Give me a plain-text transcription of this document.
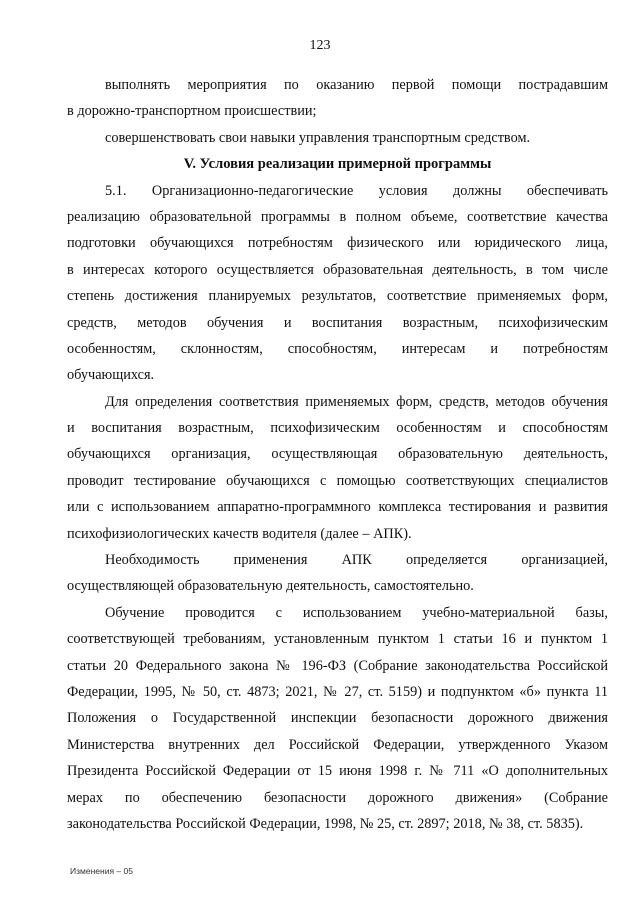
123
выполнять мероприятия по оказанию первой помощи пострадавшим
в дорожно-транспортном происшествии;
совершенствовать свои навыки управления транспортным средством.
V. Условия реализации примерной программы
5.1. Организационно-педагогические условия должны обеспечивать
реализацию образовательной программы в полном объеме, соответствие качества
подготовки обучающихся потребностям физического или юридического лица,
в интересах которого осуществляется образовательная деятельность, в том числе
степень достижения планируемых результатов, соответствие применяемых форм,
средств, методов обучения и воспитания возрастным, психофизическим
особенностям, склонностям, способностям, интересам и потребностям
обучающихся.
Для определения соответствия применяемых форм, средств, методов обучения
и воспитания возрастным, психофизическим особенностям и способностям
обучающихся организация, осуществляющая образовательную деятельность,
проводит тестирование обучающихся с помощью соответствующих специалистов
или с использованием аппаратно-программного комплекса тестирования и развития
психофизиологических качеств водителя (далее – АПК).
Необходимость применения АПК определяется организацией,
осуществляющей образовательную деятельность, самостоятельно.
Обучение проводится с использованием учебно-материальной базы,
соответствующей требованиям, установленным пунктом 1 статьи 16 и пунктом 1
статьи 20 Федерального закона № 196-ФЗ (Собрание законодательства Российской
Федерации, 1995, № 50, ст. 4873; 2021, № 27, ст. 5159) и подпунктом «б» пункта 11
Положения о Государственной инспекции безопасности дорожного движения
Министерства внутренних дел Российской Федерации, утвержденного Указом
Президента Российской Федерации от 15 июня 1998 г. № 711 «О дополнительных
мерах по обеспечению безопасности дорожного движения» (Собрание
законодательства Российской Федерации, 1998, № 25, ст. 2897; 2018, № 38, ст. 5835).
Изменения – 05
